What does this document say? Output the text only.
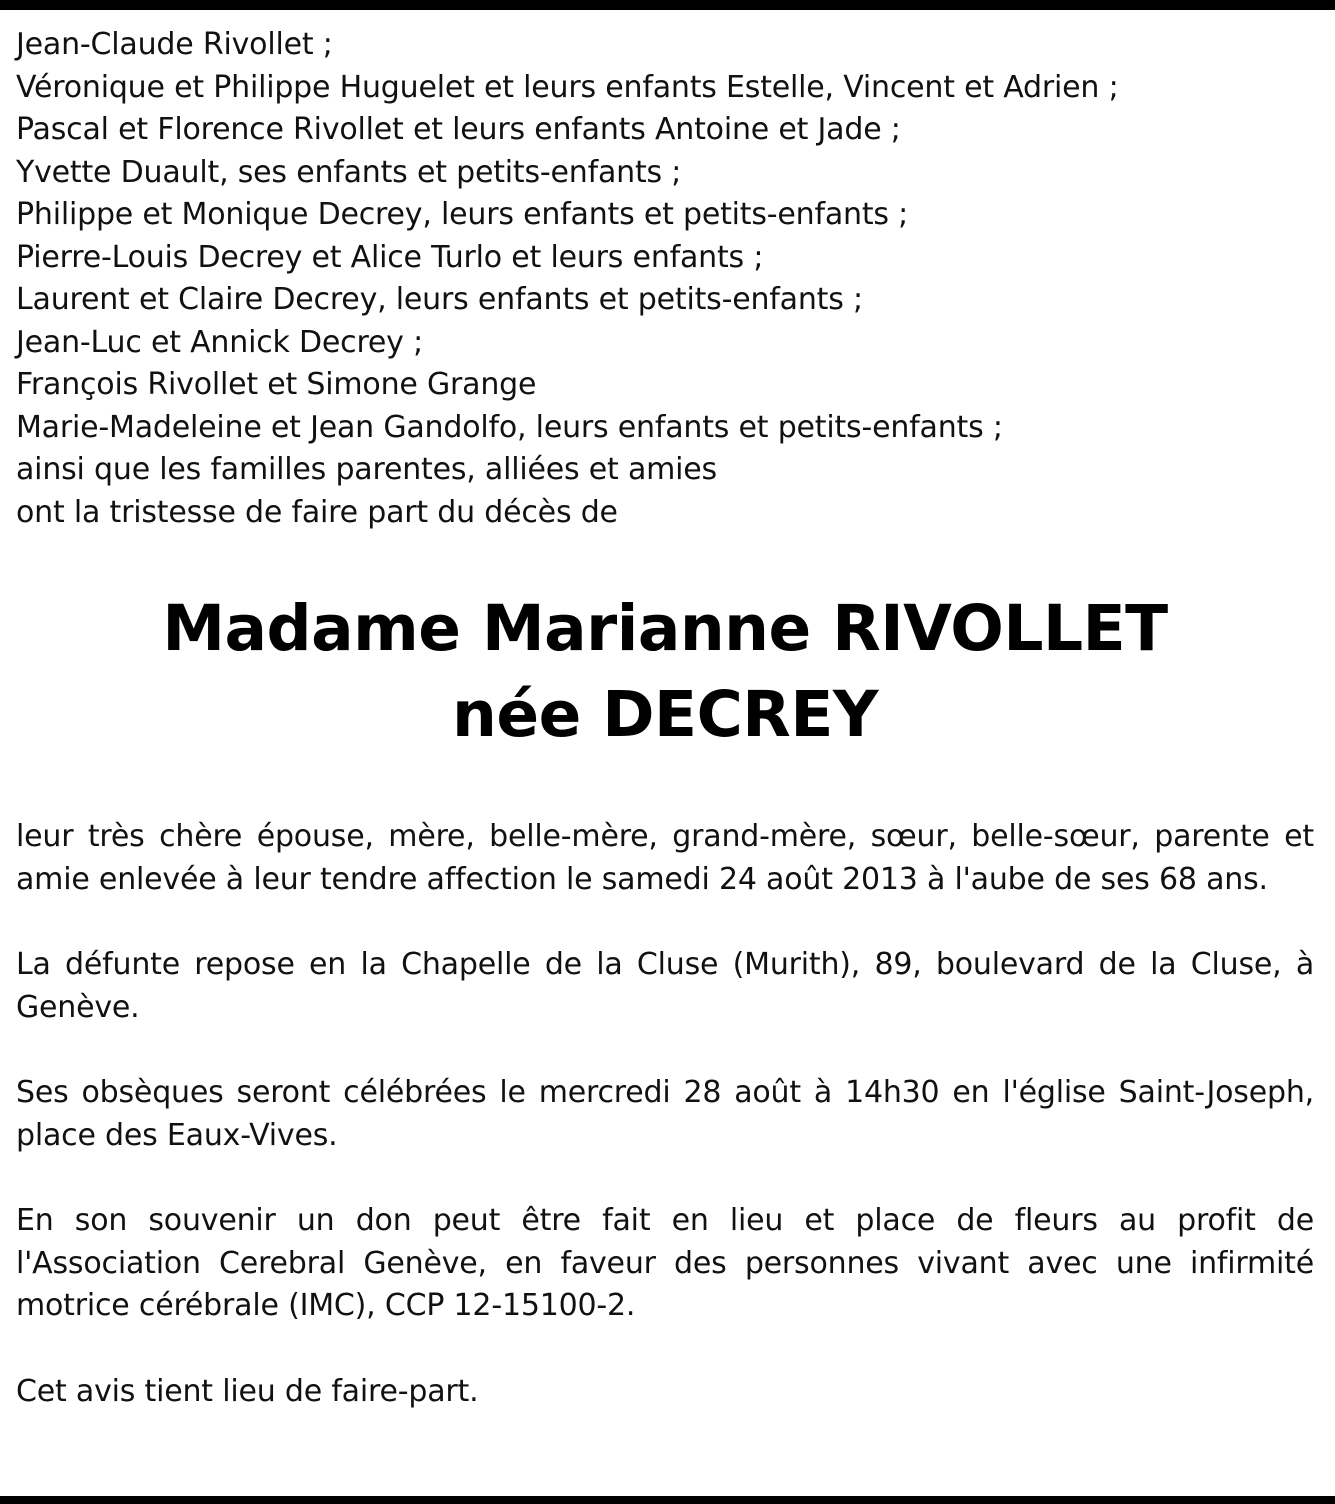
Jean-Claude Rivollet ;
Véronique et Philippe Huguelet et leurs enfants Estelle, Vincent et Adrien ;
Pascal et Florence Rivollet et leurs enfants Antoine et Jade ;
Yvette Duault, ses enfants et petits-enfants ;
Philippe et Monique Decrey, leurs enfants et petits-enfants ;
Pierre-Louis Decrey et Alice Turlo et leurs enfants ;
Laurent et Claire Decrey, leurs enfants et petits-enfants ;
Jean-Luc et Annick Decrey ;
François Rivollet et Simone Grange
Marie-Madeleine et Jean Gandolfo, leurs enfants et petits-enfants ;
ainsi que les familles parentes, alliées et amies

ont la tristesse de faire part du décès de

Madame Marianne RIVOLLET
née DECREY

leur très chère épouse, mère, belle-mère, grand-mère, sœur, belle-sœur, parente et amie enlevée à leur tendre affection le samedi 24 août 2013 à l'aube de ses 68 ans.

La défunte repose en la Chapelle de la Cluse (Murith), 89, boulevard de la Cluse, à Genève.

Ses obsèques seront célébrées le mercredi 28 août à 14h30 en l'église Saint-Joseph, place des Eaux-Vives.

En son souvenir un don peut être fait en lieu et place de fleurs au profit de l'Association Cerebral Genève, en faveur des personnes vivant avec une infirmité motrice cérébrale (IMC), CCP 12-15100-2.

Cet avis tient lieu de faire-part.
